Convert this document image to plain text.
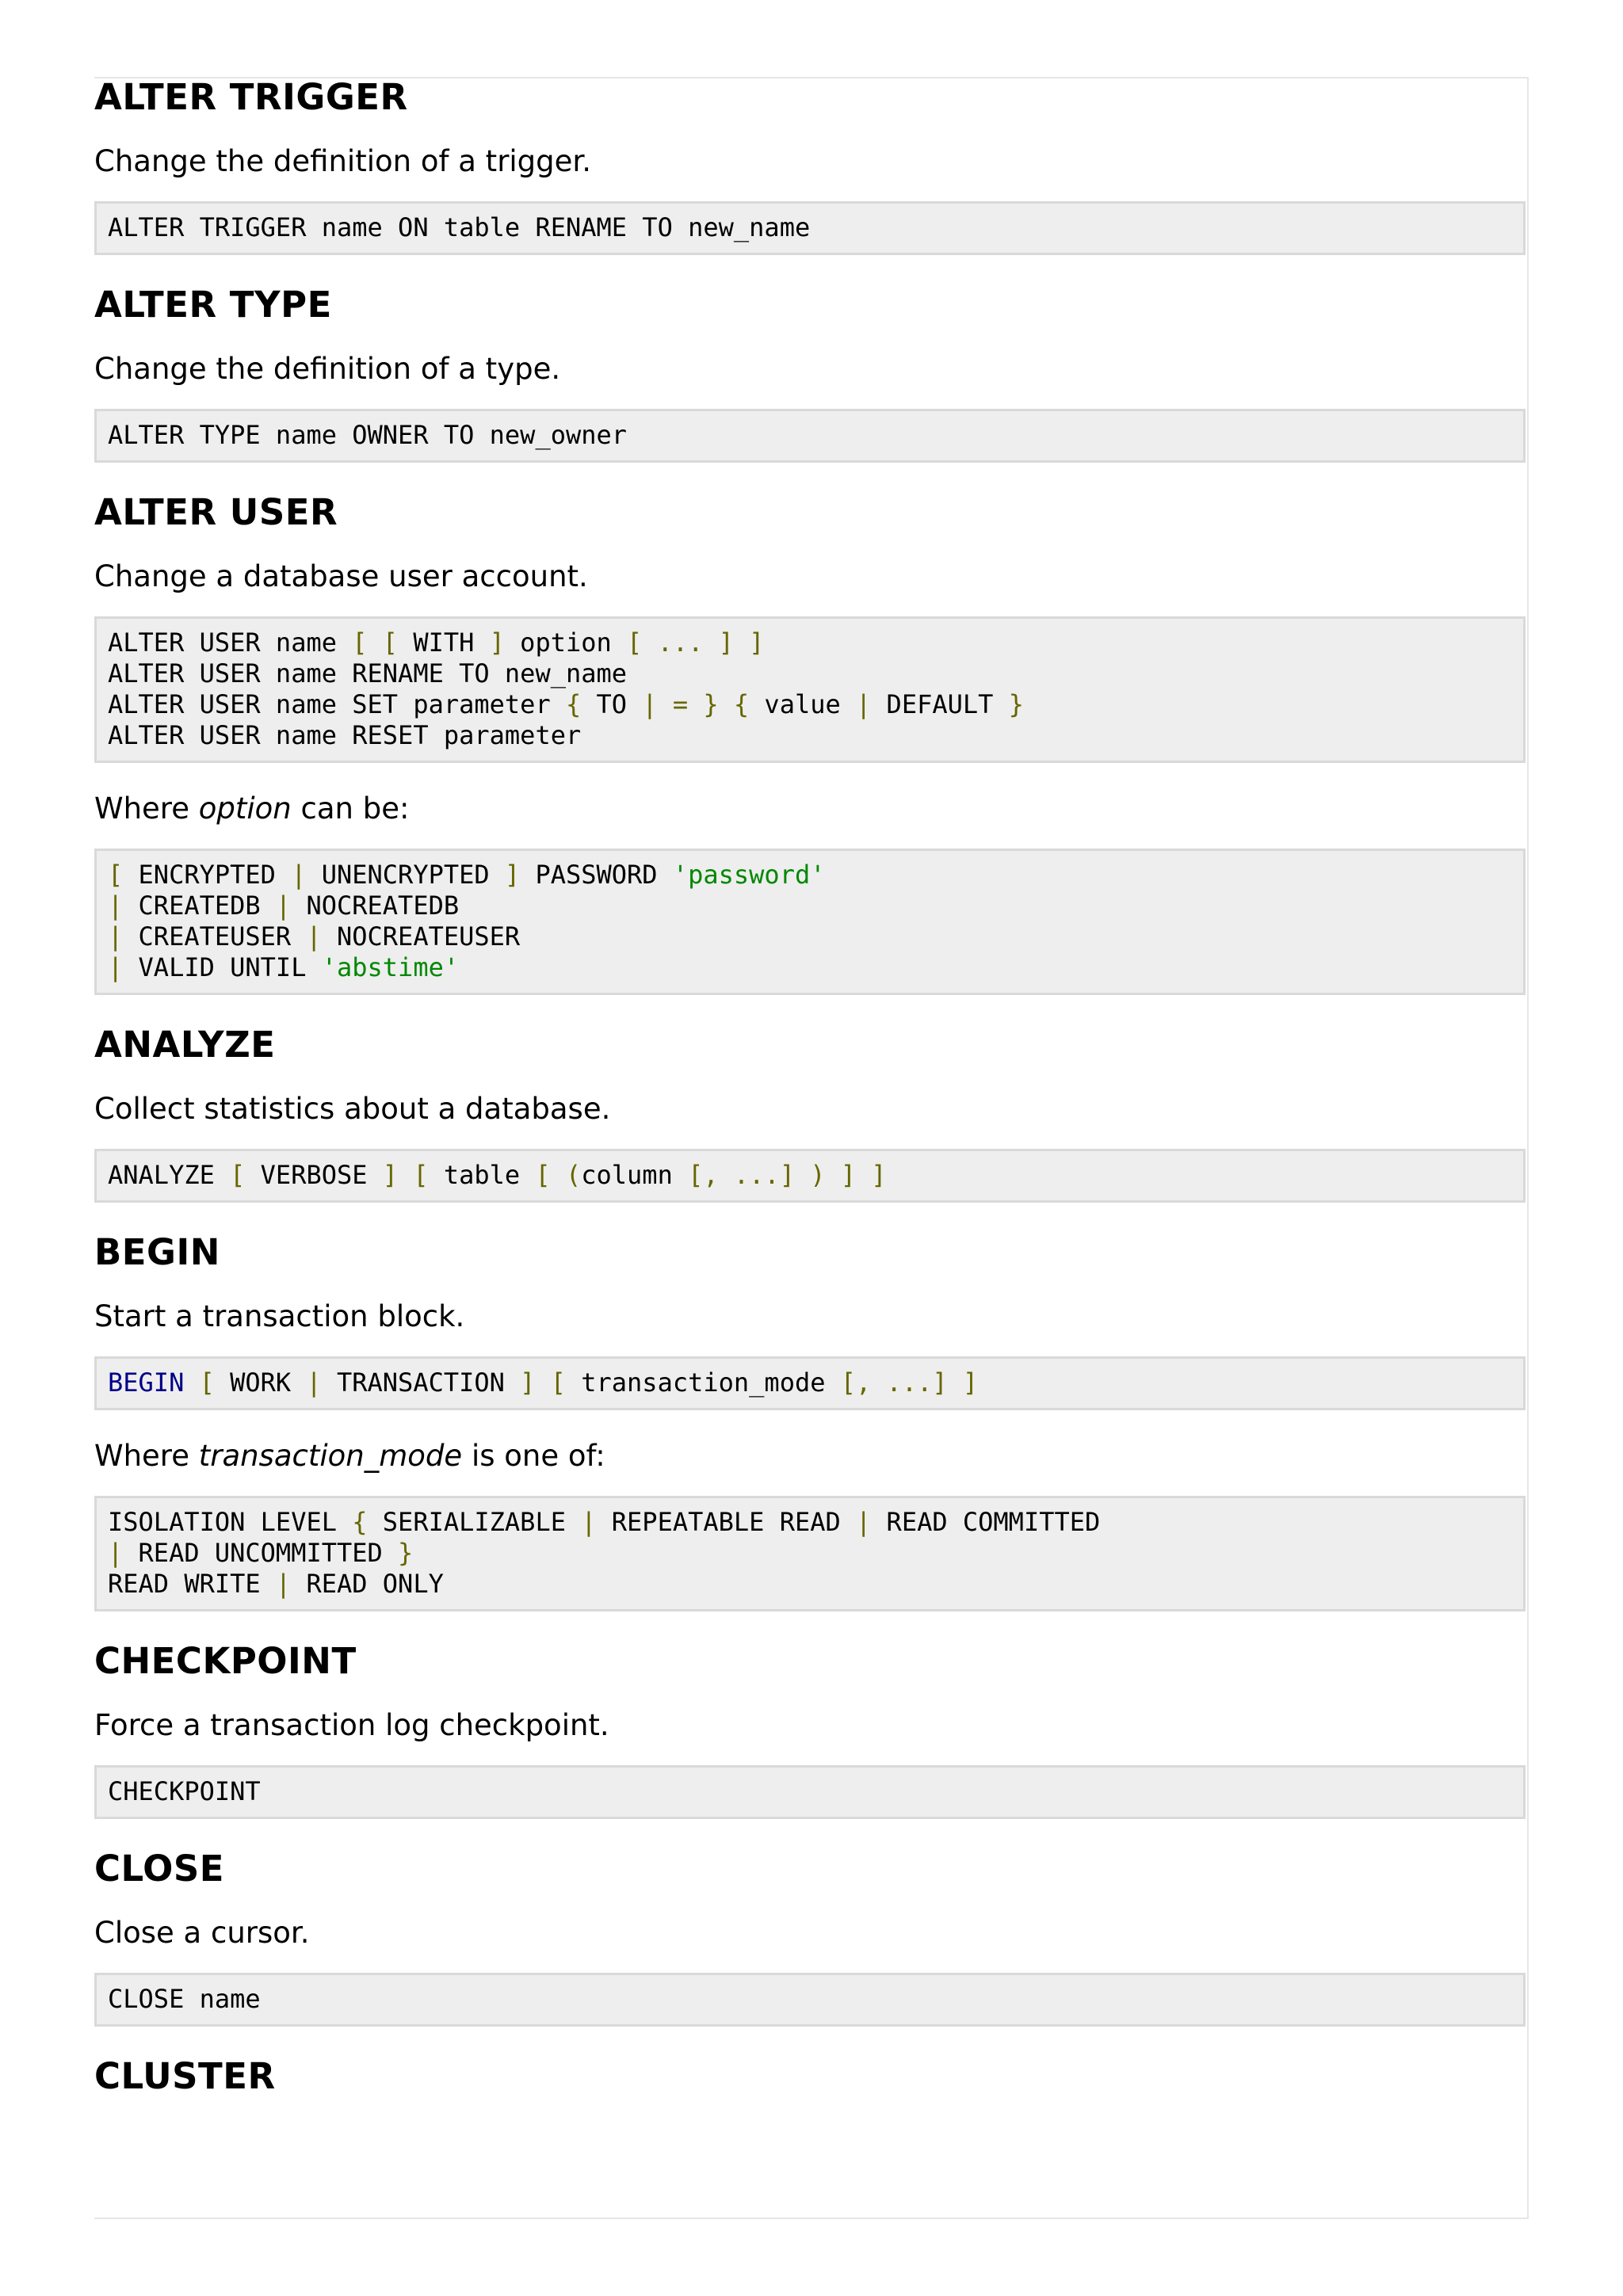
ALTER TRIGGER

Change the definition of a trigger.

ALTER TRIGGER name ON table RENAME TO new_name
ALTER TYPE

Change the definition of a type.

ALTER TYPE name OWNER TO new_owner
ALTER USER

Change a database user account.

ALTER USER name [ [ WITH ] option [ ... ] ]
ALTER USER name RENAME TO new_name
ALTER USER name SET parameter { TO | = } { value | DEFAULT }
ALTER USER name RESET parameter

Where option can be:

[ ENCRYPTED | UNENCRYPTED ] PASSWORD 'password'
| CREATEDB | NOCREATEDB
| CREATEUSER | NOCREATEUSER
| VALID UNTIL 'abstime'
ANALYZE

Collect statistics about a database.

ANALYZE [ VERBOSE ] [ table [ (column [, ...] ) ] ]
BEGIN

Start a transaction block.

BEGIN [ WORK | TRANSACTION ] [ transaction_mode [, ...] ]

Where transaction_mode is one of:

ISOLATION LEVEL { SERIALIZABLE | REPEATABLE READ | READ COMMITTED
| READ UNCOMMITTED }
READ WRITE | READ ONLY
CHECKPOINT

Force a transaction log checkpoint.

CHECKPOINT
CLOSE

Close a cursor.

CLOSE name
CLUSTER
